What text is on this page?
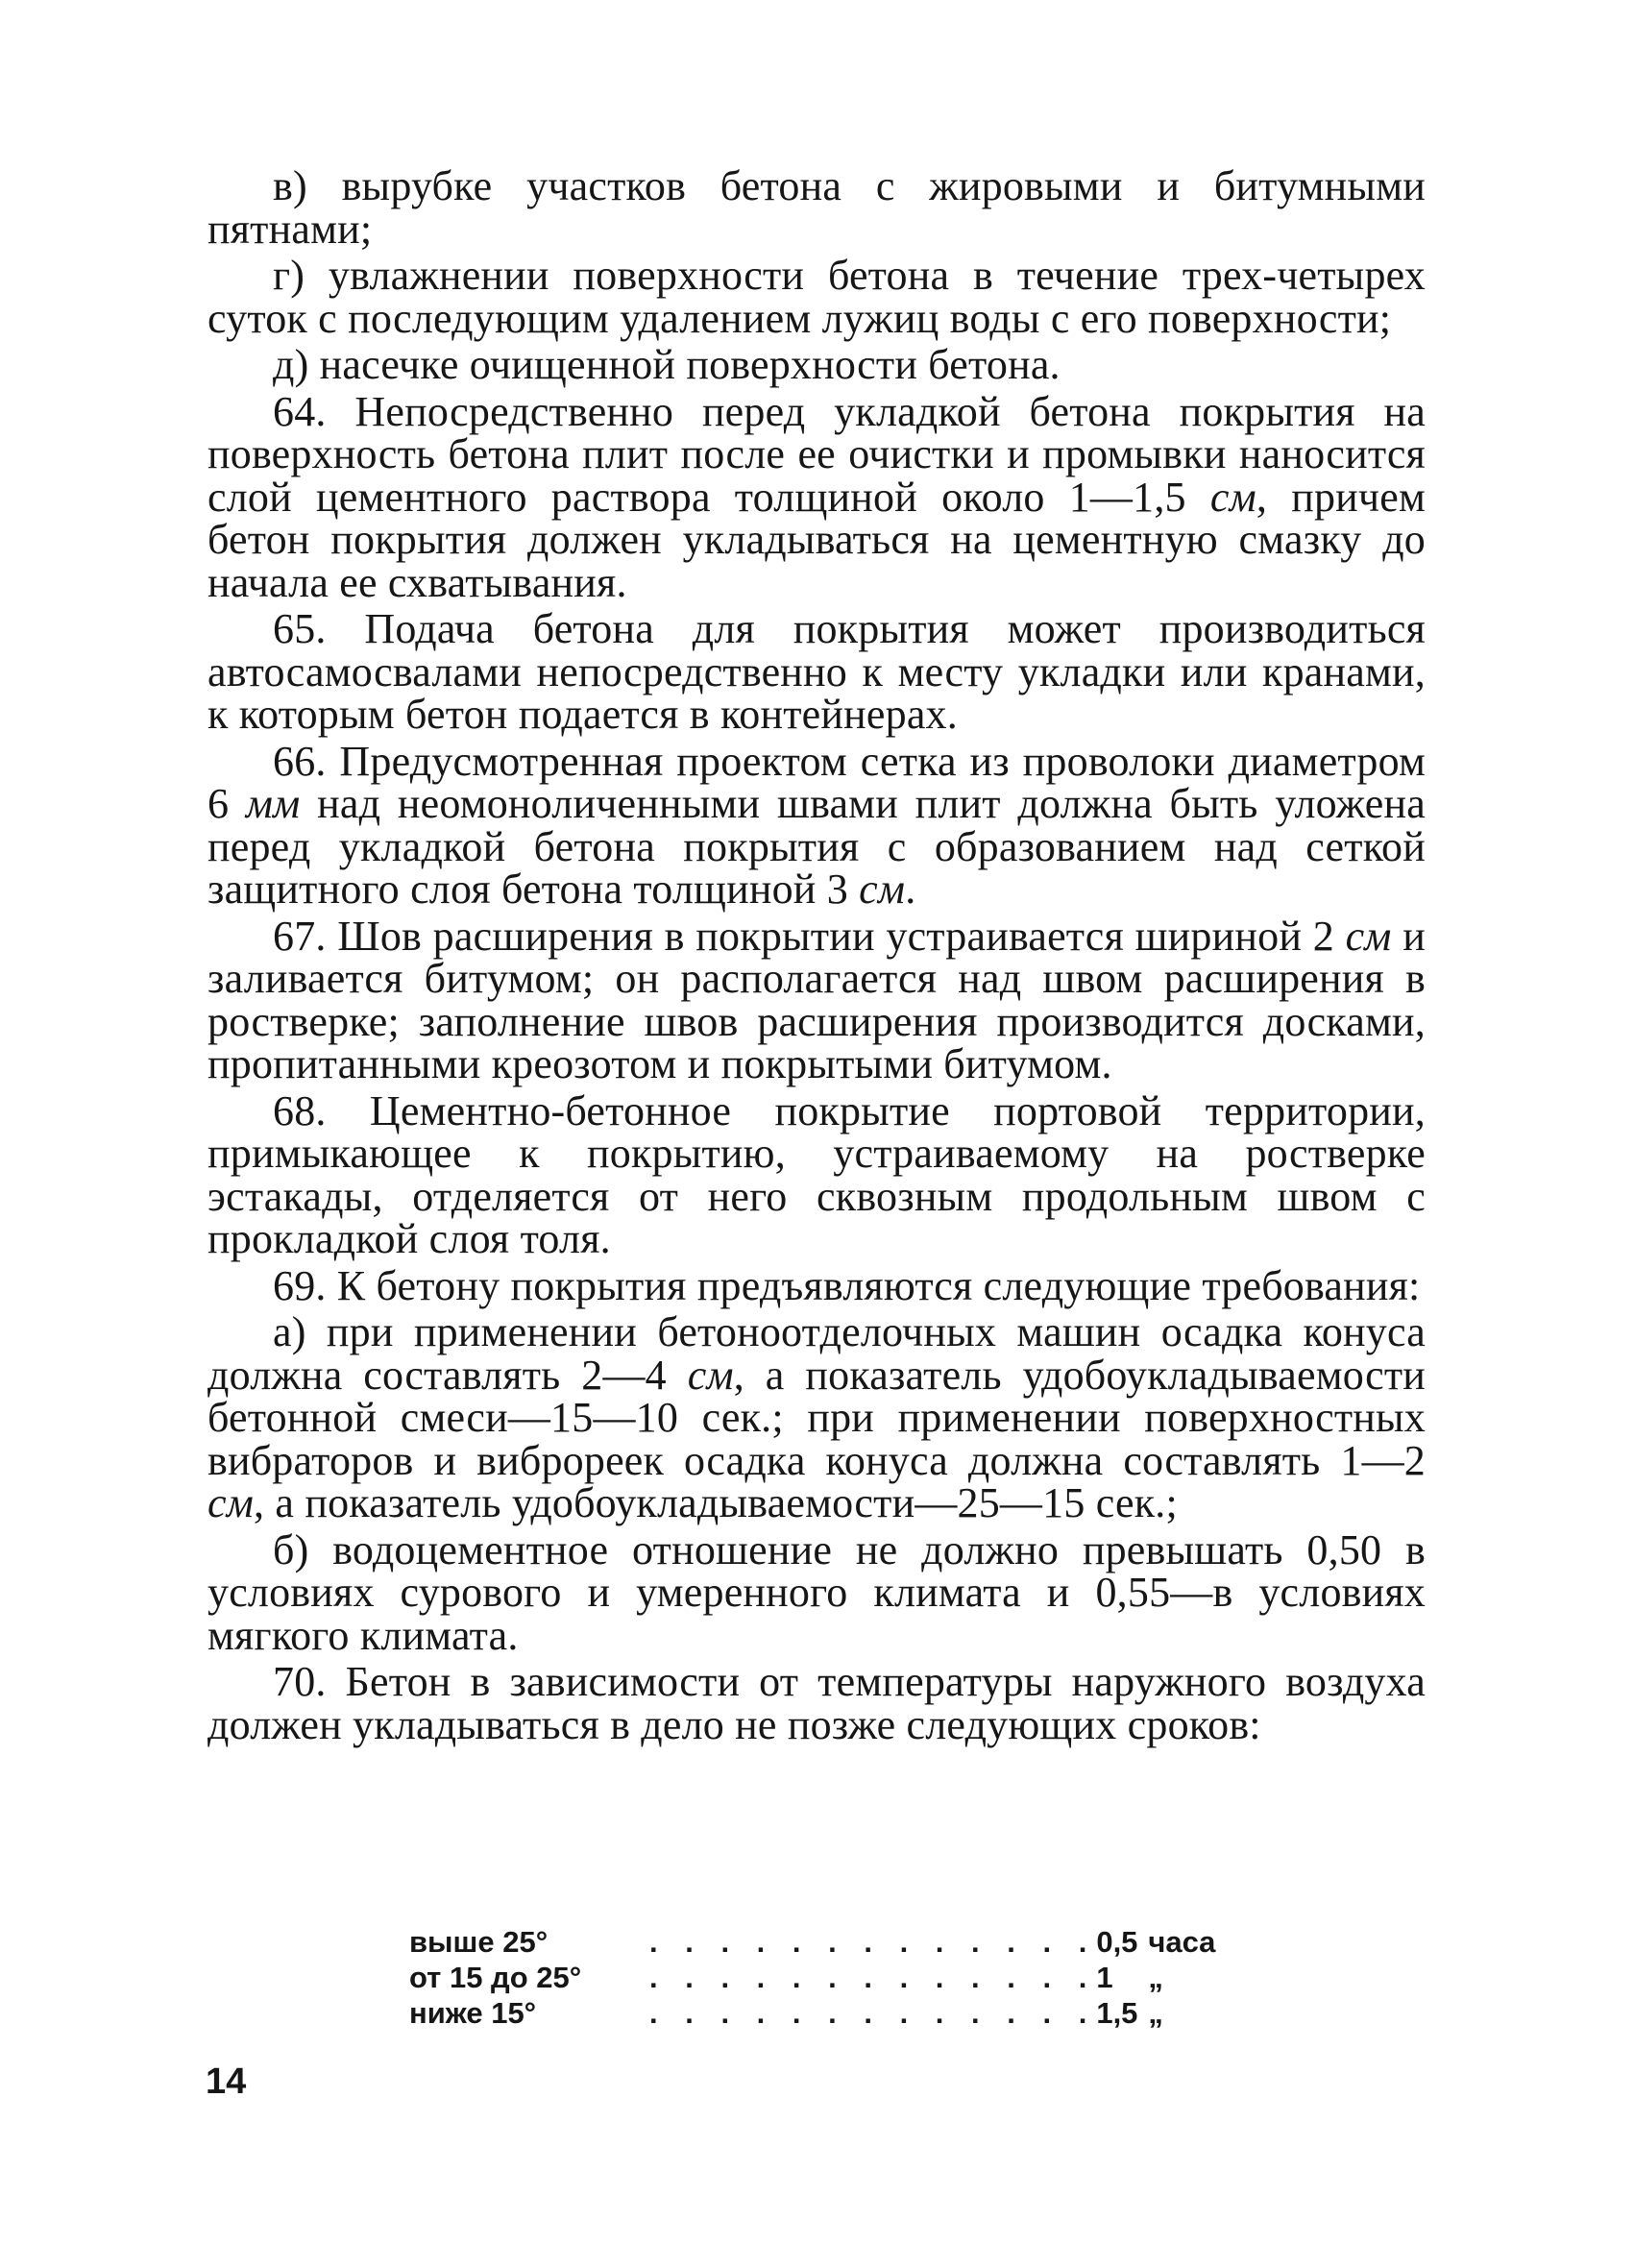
в) вырубке участков бетона с жировыми и битумными пятнами;

г) увлажнении поверхности бетона в течение трех-четырех суток с последующим удалением лужиц воды с его поверхности;

д) насечке очищенной поверхности бетона.

64. Непосредственно перед укладкой бетона покрытия на поверхность бетона плит после ее очистки и промывки наносится слой цементного раствора толщиной около 1—1,5 см, причем бетон покрытия должен укладываться на цементную смазку до начала ее схватывания.

65. Подача бетона для покрытия может производиться автосамосвалами непосредственно к месту укладки или кранами, к которым бетон подается в контейнерах.

66. Предусмотренная проектом сетка из проволоки диаметром 6 мм над неомоноличенными швами плит должна быть уложена перед укладкой бетона покрытия с образованием над сеткой защитного слоя бетона толщиной 3 см.

67. Шов расширения в покрытии устраивается шириной 2 см и заливается битумом; он располагается над швом расширения в ростверке; заполнение швов расширения производится досками, пропитанными креозотом и покрытыми битумом.

68. Цементно-бетонное покрытие портовой территории, примыкающее к покрытию, устраиваемому на ростверке эстакады, отделяется от него сквозным продольным швом с прокладкой слоя толя.

69. К бетону покрытия предъявляются следующие требования:

а) при применении бетоноотделочных машин осадка конуса должна составлять 2—4 см, а показатель удобоукладываемости бетонной смеси—15—10 сек.; при применении поверхностных вибраторов и виброреек осадка конуса должна составлять 1—2 см, а показатель удобоукладываемости—25—15 сек.;

б) водоцементное отношение не должно превышать 0,50 в условиях сурового и умеренного климата и 0,55—в условиях мягкого климата.

70. Бетон в зависимости от температуры наружного воздуха должен укладываться в дело не позже следующих сроков:

выше 25°	. . . . . . . . . . . . . 0,5 часа
от 15 до 25°	. . . . . . . . . . . . . 1	„
ниже 15°	. . . . . . . . . . . . . 1,5 „
14
